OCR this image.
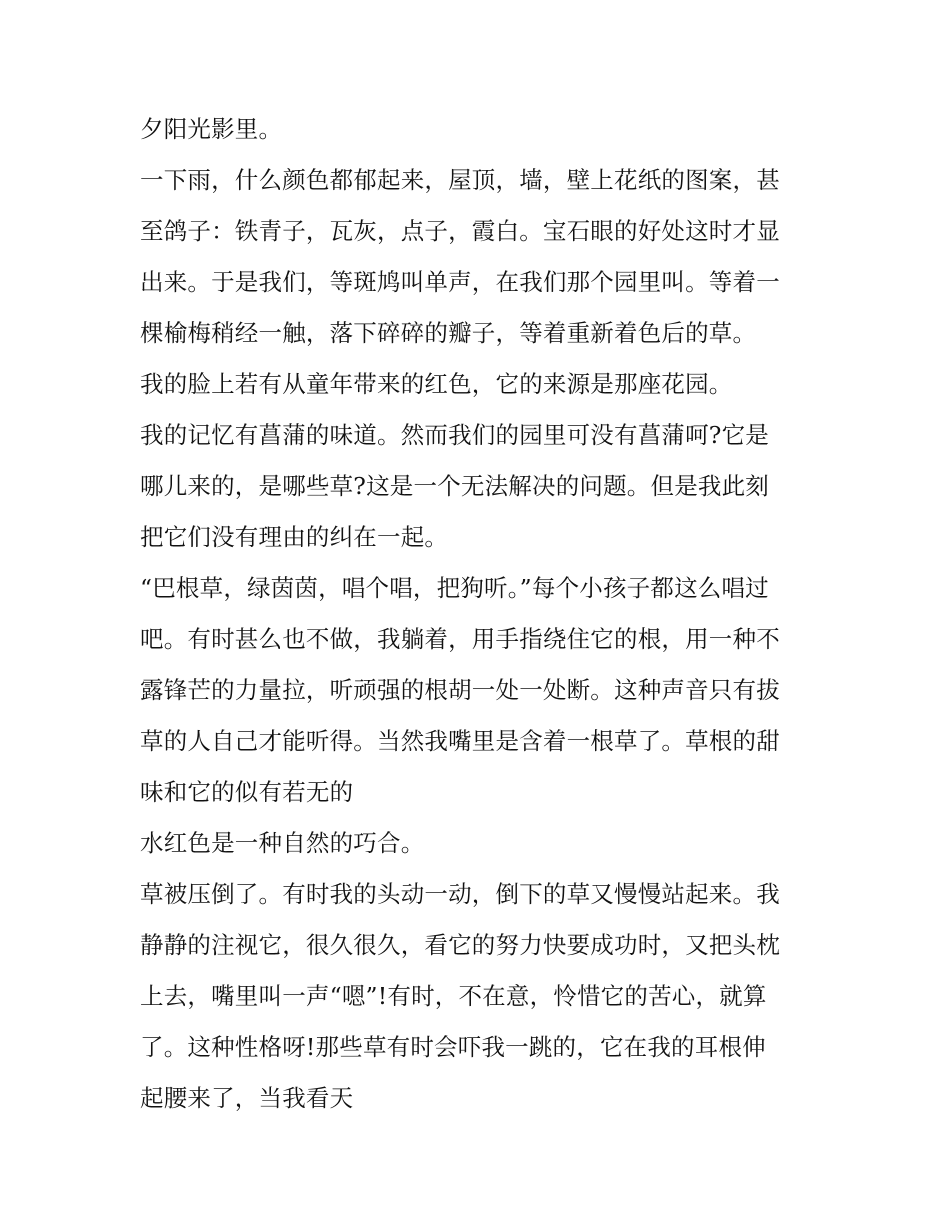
夕阳光影里。
一下雨，什么颜色都郁起来，屋顶，墙，壁上花纸的图案，甚
至鸽子：铁青子，瓦灰，点子，霞白。宝石眼的好处这时才显
出来。于是我们，等斑鸠叫单声，在我们那个园里叫。等着一
棵榆梅稍经一触，落下碎碎的瓣子，等着重新着色后的草。
我的脸上若有从童年带来的红色，它的来源是那座花园。
我的记忆有菖蒲的味道。然而我们的园里可没有菖蒲呵?它是
哪儿来的，是哪些草?这是一个无法解决的问题。但是我此刻
把它们没有理由的纠在一起。
“巴根草，绿茵茵，唱个唱，把狗听。”每个小孩子都这么唱过
吧。有时甚么也不做，我躺着，用手指绕住它的根，用一种不
露锋芒的力量拉，听顽强的根胡一处一处断。这种声音只有拔
草的人自己才能听得。当然我嘴里是含着一根草了。草根的甜
味和它的似有若无的
水红色是一种自然的巧合。
草被压倒了。有时我的头动一动，倒下的草又慢慢站起来。我
静静的注视它，很久很久，看它的努力快要成功时，又把头枕
上去，嘴里叫一声“嗯”!有时，不在意，怜惜它的苦心，就算
了。这种性格呀!那些草有时会吓我一跳的，它在我的耳根伸
起腰来了，当我看天
